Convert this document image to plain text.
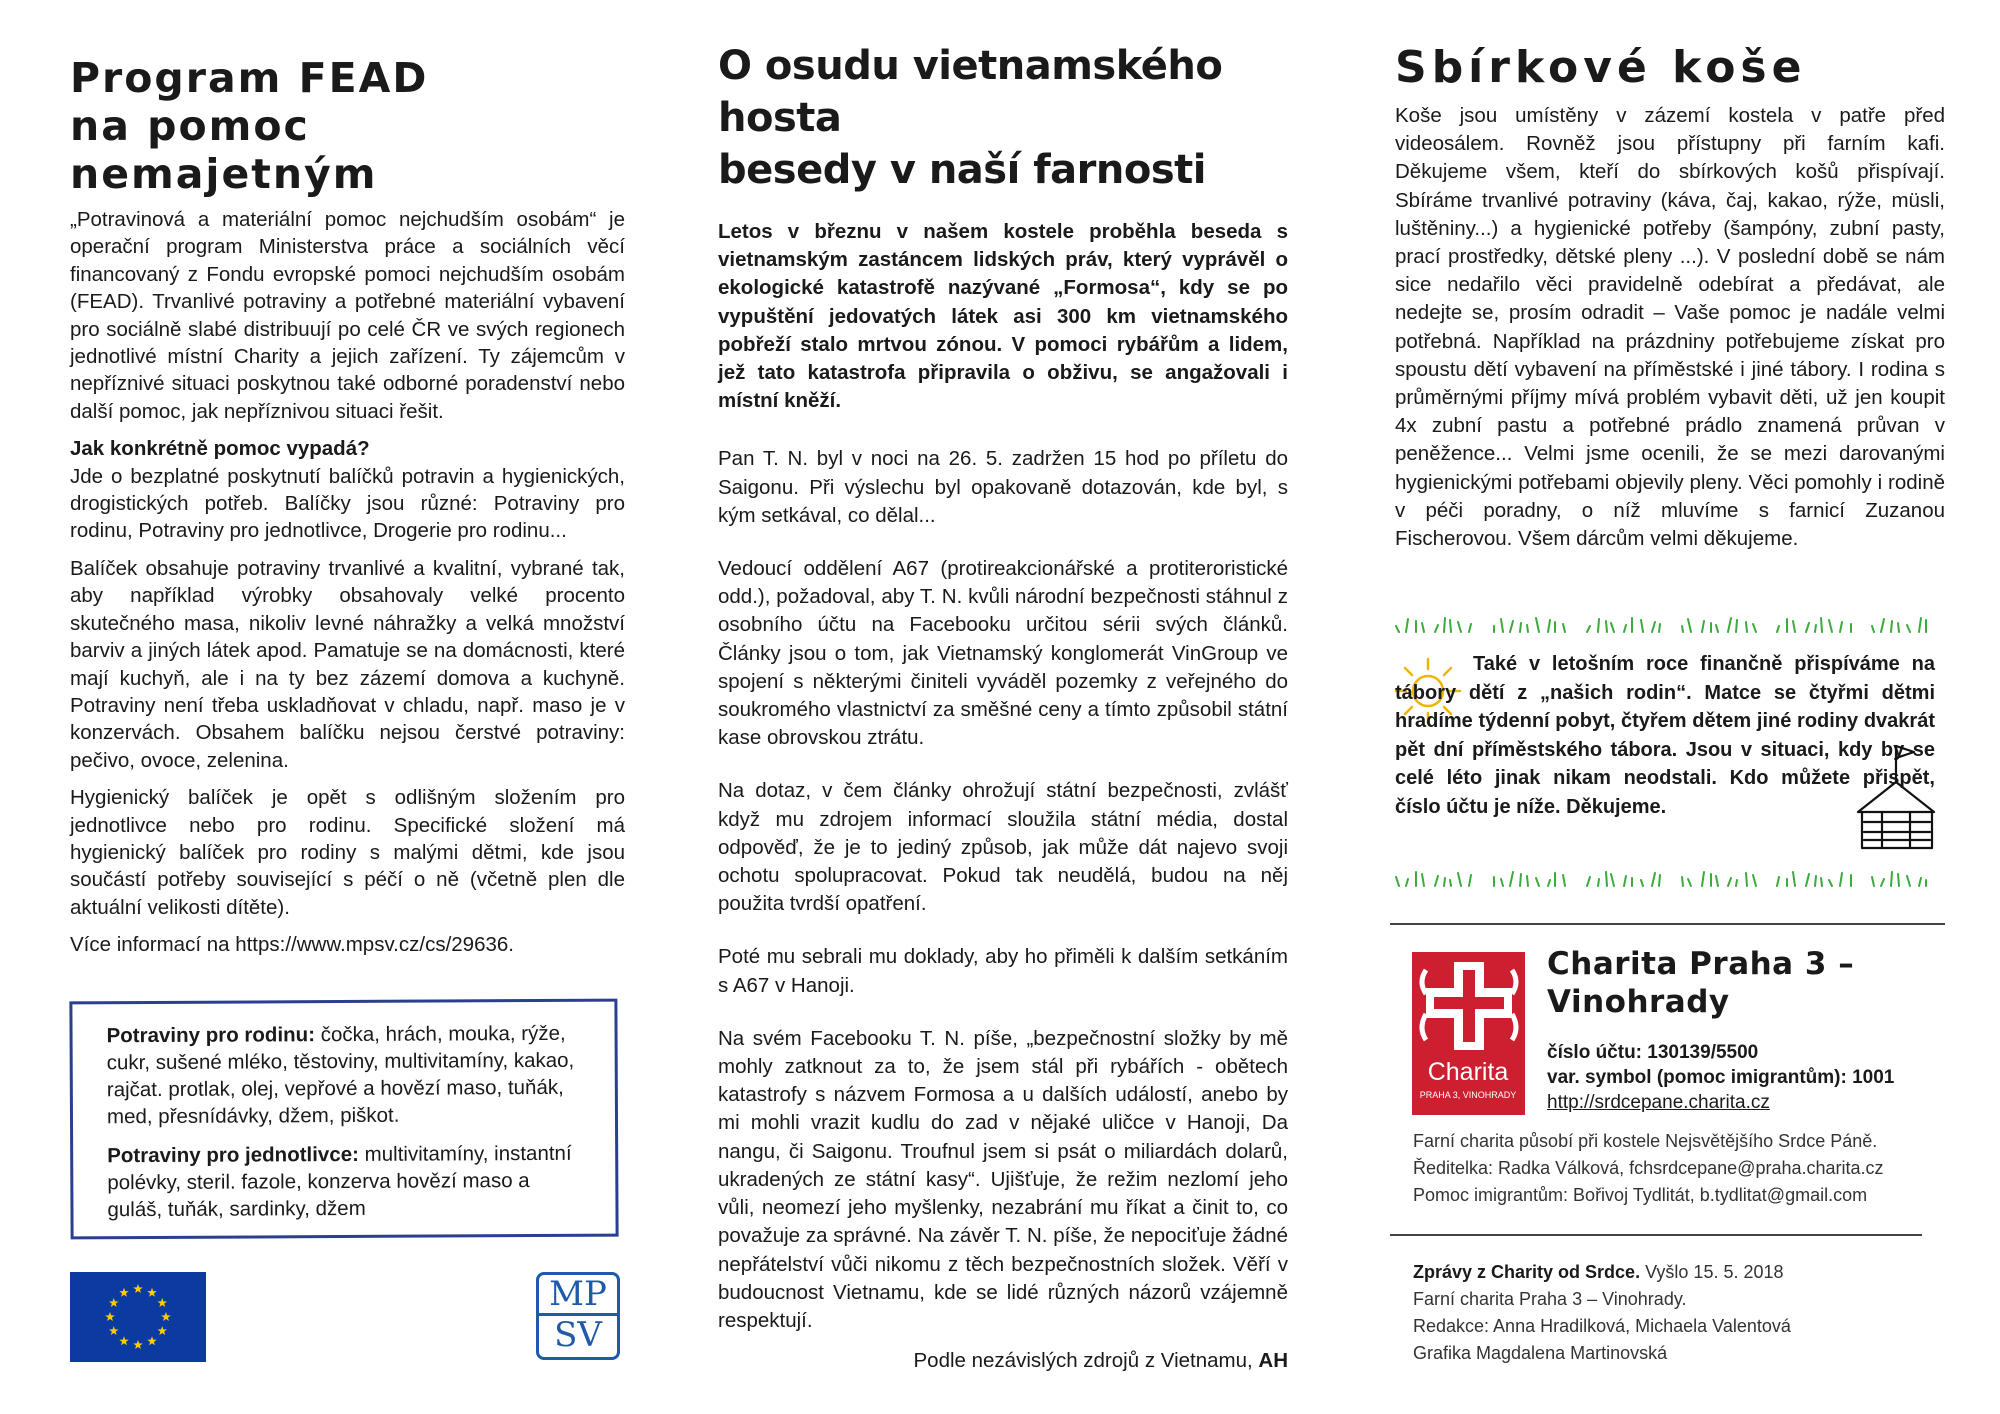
Program FEAD
na pomoc nemajetným

„Potravinová a materiální pomoc nejchudším osobám“ je operační program Ministerstva práce a sociálních věcí financovaný z Fondu evropské pomoci nejchudším osobám (FEAD). Trvanlivé potraviny a potřebné materiální vybavení pro sociálně slabé distribuují po celé ČR ve svých regionech jednotlivé místní Charity a jejich zařízení. Ty zájemcům v nepříznivé situaci poskytnou také odborné poradenství nebo další pomoc, jak nepříznivou situaci řešit.

Jak konkrétně pomoc vypadá?

Jde o bezplatné poskytnutí balíčků potravin a hygienických, drogistických potřeb. Balíčky jsou různé: Potraviny pro rodinu, Potraviny pro jednotlivce, Drogerie pro rodinu...

Balíček obsahuje potraviny trvanlivé a kvalitní, vybrané tak, aby například výrobky obsahovaly velké procento skutečného masa, nikoliv levné náhražky a velká množství barviv a jiných látek apod. Pamatuje se na domácnosti, které mají kuchyň, ale i na ty bez zázemí domova a kuchyně. Potraviny není třeba uskladňovat v chladu, např. maso je v konzervách. Obsahem balíčku nejsou čerstvé potraviny: pečivo, ovoce, zelenina.

Hygienický balíček je opět s odlišným složením pro jednotlivce nebo pro rodinu. Specifické složení má hygienický balíček pro rodiny s malými dětmi, kde jsou součástí potřeby související s péčí o ně (včetně plen dle aktuální velikosti dítěte).

Více informací na https://www.mpsv.cz/cs/29636.

Potraviny pro rodinu: čočka, hrách, mouka, rýže, cukr, sušené mléko, těstoviny, multivitamíny, kakao, rajčat. protlak, olej, vepřové a hovězí maso, tuňák, med, přesnídávky, džem, piškot.

Potraviny pro jednotlivce: multivitamíny, instantní polévky, steril. fazole, konzerva hovězí maso a guláš, tuňák, sardinky, džem

MP
SV
O osudu vietnamského hosta
besedy v naší farnosti

Letos v březnu v našem kostele proběhla beseda s vietnamským zastáncem lidských práv, který vyprávěl o ekologické katastrofě nazývané „Formosa“, kdy se po vypuštění jedovatých látek asi 300 km vietnamského pobřeží stalo mrtvou zónou. V pomoci rybářům a lidem, jež tato katastrofa připravila o obživu, se angažovali i místní kněží.

Pan T. N. byl v noci na 26. 5. zadržen 15 hod po příletu do Saigonu. Při výslechu byl opakovaně dotazován, kde byl, s kým setkával, co dělal...

Vedoucí oddělení A67 (protireakcionářské a protiteroristické odd.), požadoval, aby T. N. kvůli národní bezpečnosti stáhnul z osobního účtu na Facebooku určitou sérii svých článků. Články jsou o tom, jak Vietnamský konglomerát VinGroup ve spojení s některými činiteli vyváděl pozemky z veřejného do soukromého vlastnictví za směšné ceny a tímto způsobil státní kase obrovskou ztrátu.

Na dotaz, v čem články ohrožují státní bezpečnosti, zvlášť když mu zdrojem informací sloužila státní média, dostal odpověď, že je to jediný způsob, jak může dát najevo svoji ochotu spolupracovat. Pokud tak neudělá, budou na něj použita tvrdší opatření.

Poté mu sebrali mu doklady, aby ho přiměli k dalším setkáním s A67 v Hanoji.

Na svém Facebooku T. N. píše, „bezpečnostní složky by mě mohly zatknout za to, že jsem stál při rybářích - obětech katastrofy s názvem Formosa a u dalších událostí, anebo by mi mohli vrazit kudlu do zad v nějaké uličce v Hanoji, Da nangu, či Saigonu. Troufnul jsem si psát o miliardách dolarů, ukradených ze státní kasy“. Ujišťuje, že režim nezlomí jeho vůli, neomezí jeho myšlenky, nezabrání mu říkat a činit to, co považuje za správné. Na závěr T. N. píše, že nepociťuje žádné nepřátelství vůči nikomu z těch bezpečnostních složek. Věří v budoucnost Vietnamu, kde se lidé různých názorů vzájemně respektují.

Podle nezávislých zdrojů z Vietnamu, AH

Sbírkové koše

Koše jsou umístěny v zázemí kostela v patře před videosálem. Rovněž jsou přístupny při farním kafi. Děkujeme všem, kteří do sbírkových košů přispívají. Sbíráme trvanlivé potraviny (káva, čaj, kakao, rýže, müsli, luštěniny...) a hygienické potřeby (šampóny, zubní pasty, prací prostředky, dětské pleny ...). V poslední době se nám sice nedařilo věci pravidelně odebírat a předávat, ale nedejte se, prosím odradit – Vaše pomoc je nadále velmi potřebná. Například na prázdniny potřebujeme získat pro spoustu dětí vybavení na příměstské i jiné tábory. I rodina s průměrnými příjmy mívá problém vybavit děti, už jen koupit 4x zubní pastu a potřebné prádlo znamená průvan v peněžence... Velmi jsme ocenili, že se mezi darovanými hygienickými potřebami objevily pleny. Věci pomohly i rodině v péči poradny, o níž mluvíme s farnicí Zuzanou Fischerovou. Všem dárcům velmi děkujeme.

Také v letošním roce finančně přispíváme na tábory dětí z „našich rodin“. Matce se čtyřmi dětmi hradíme týdenní pobyt, čtyřem dětem jiné rodiny dvakrát pět dní příměstského tábora. Jsou v situaci, kdy by se celé léto jinak nikam neodstali. Kdo můžete přispět, číslo účtu je níže. Děkujeme.

Charita
PRAHA 3, VINOHRADY
Charita Praha 3 –
Vinohrady
číslo účtu: 130139/5500
var. symbol (pomoc imigrantům): 1001
http://srdcepane.charita.cz
Farní charita působí při kostele Nejsvětějšího Srdce Páně.
Ředitelka: Radka Válková, fchsrdcepane@praha.charita.cz
Pomoc imigrantům: Bořivoj Tydlitát, b.tydlitat@gmail.com
Zprávy z Charity od Srdce. Vyšlo 15. 5. 2018
Farní charita Praha 3 – Vinohrady.
Redakce: Anna Hradilková, Michaela Valentová
Grafika Magdalena Martinovská
